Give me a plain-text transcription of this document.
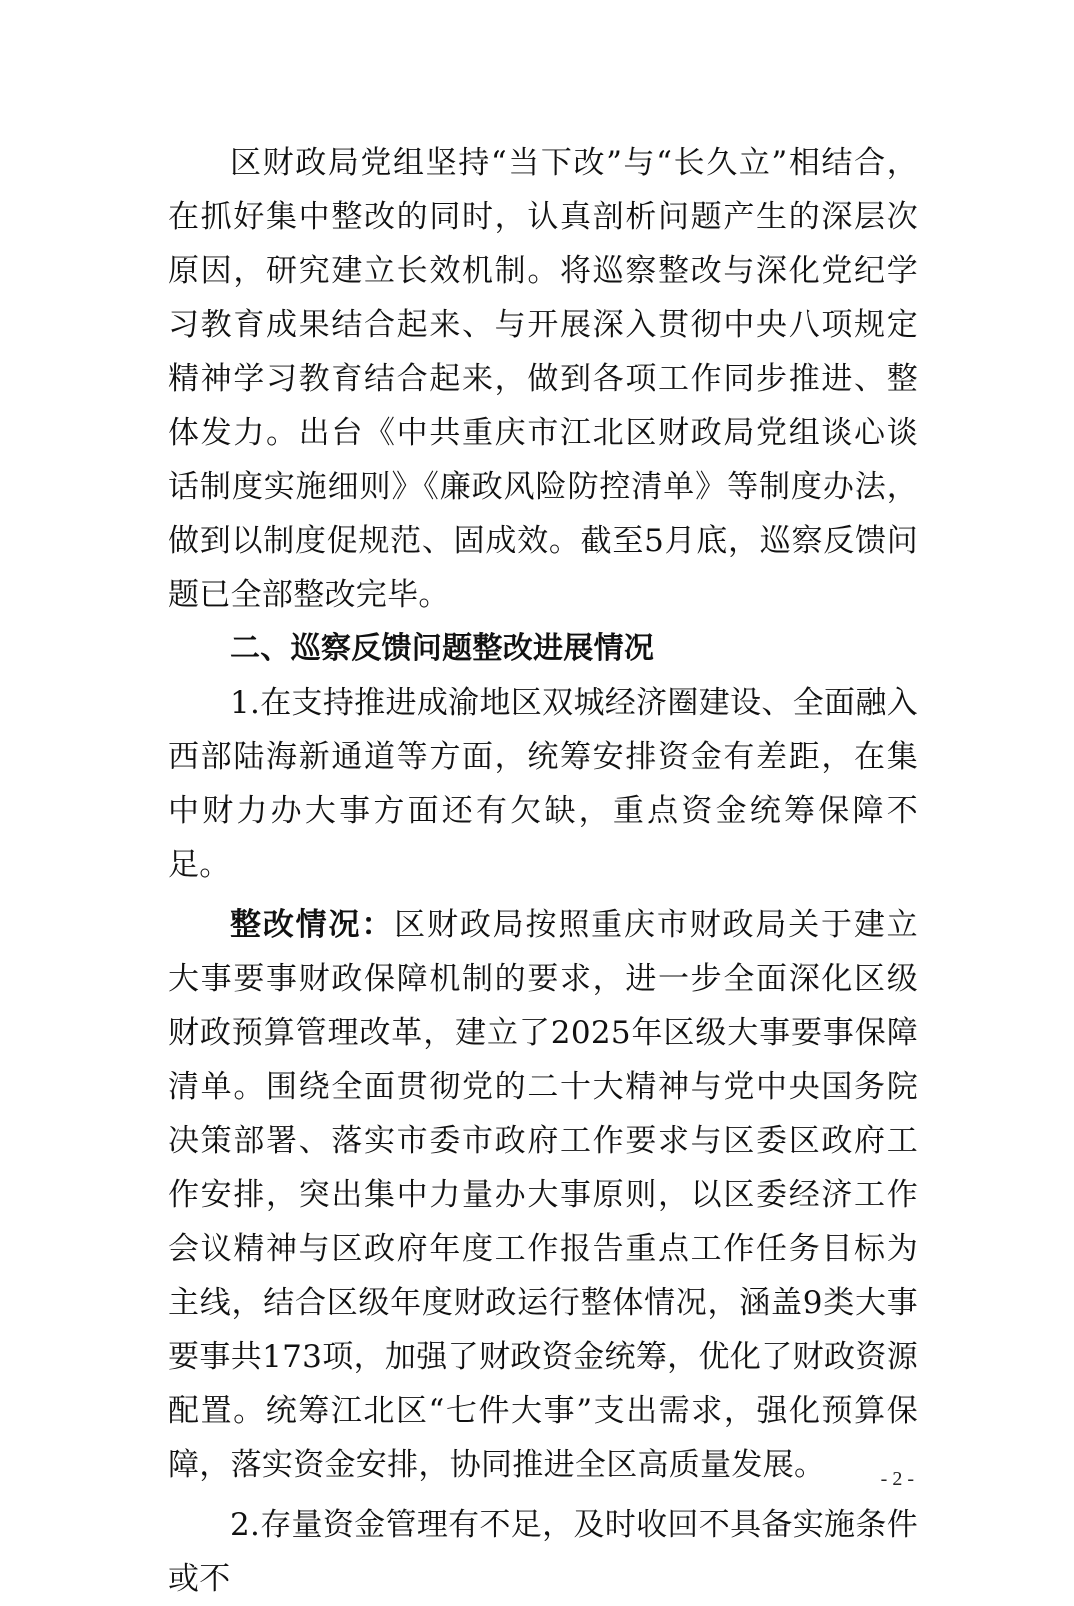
区财政局党组坚持“当下改”与“长久立”相结合，在抓好集中整改的同时，认真剖析问题产生的深层次原因，研究建立长效机制。将巡察整改与深化党纪学习教育成果结合起来、与开展深入贯彻中央八项规定精神学习教育结合起来，做到各项工作同步推进、整体发力。出台《中共重庆市江北区财政局党组谈心谈话制度实施细则》《廉政风险防控清单》等制度办法，做到以制度促规范、固成效。截至5月底，巡察反馈问题已全部整改完毕。

二、巡察反馈问题整改进展情况

1.在支持推进成渝地区双城经济圈建设、全面融入西部陆海新通道等方面，统筹安排资金有差距，在集中财力办大事方面还有欠缺，重点资金统筹保障不足。

整改情况：区财政局按照重庆市财政局关于建立大事要事财政保障机制的要求，进一步全面深化区级财政预算管理改革，建立了2025年区级大事要事保障清单。围绕全面贯彻党的二十大精神与党中央国务院决策部署、落实市委市政府工作要求与区委区政府工作安排，突出集中力量办大事原则，以区委经济工作会议精神与区政府年度工作报告重点工作任务目标为主线，结合区级年度财政运行整体情况，涵盖9类大事要事共173项，加强了财政资金统筹，优化了财政资源配置。统筹江北区“七件大事”支出需求，强化预算保障，落实资金安排，协同推进全区高质量发展。

2.存量资金管理有不足，及时收回不具备实施条件或不

- 2 -
